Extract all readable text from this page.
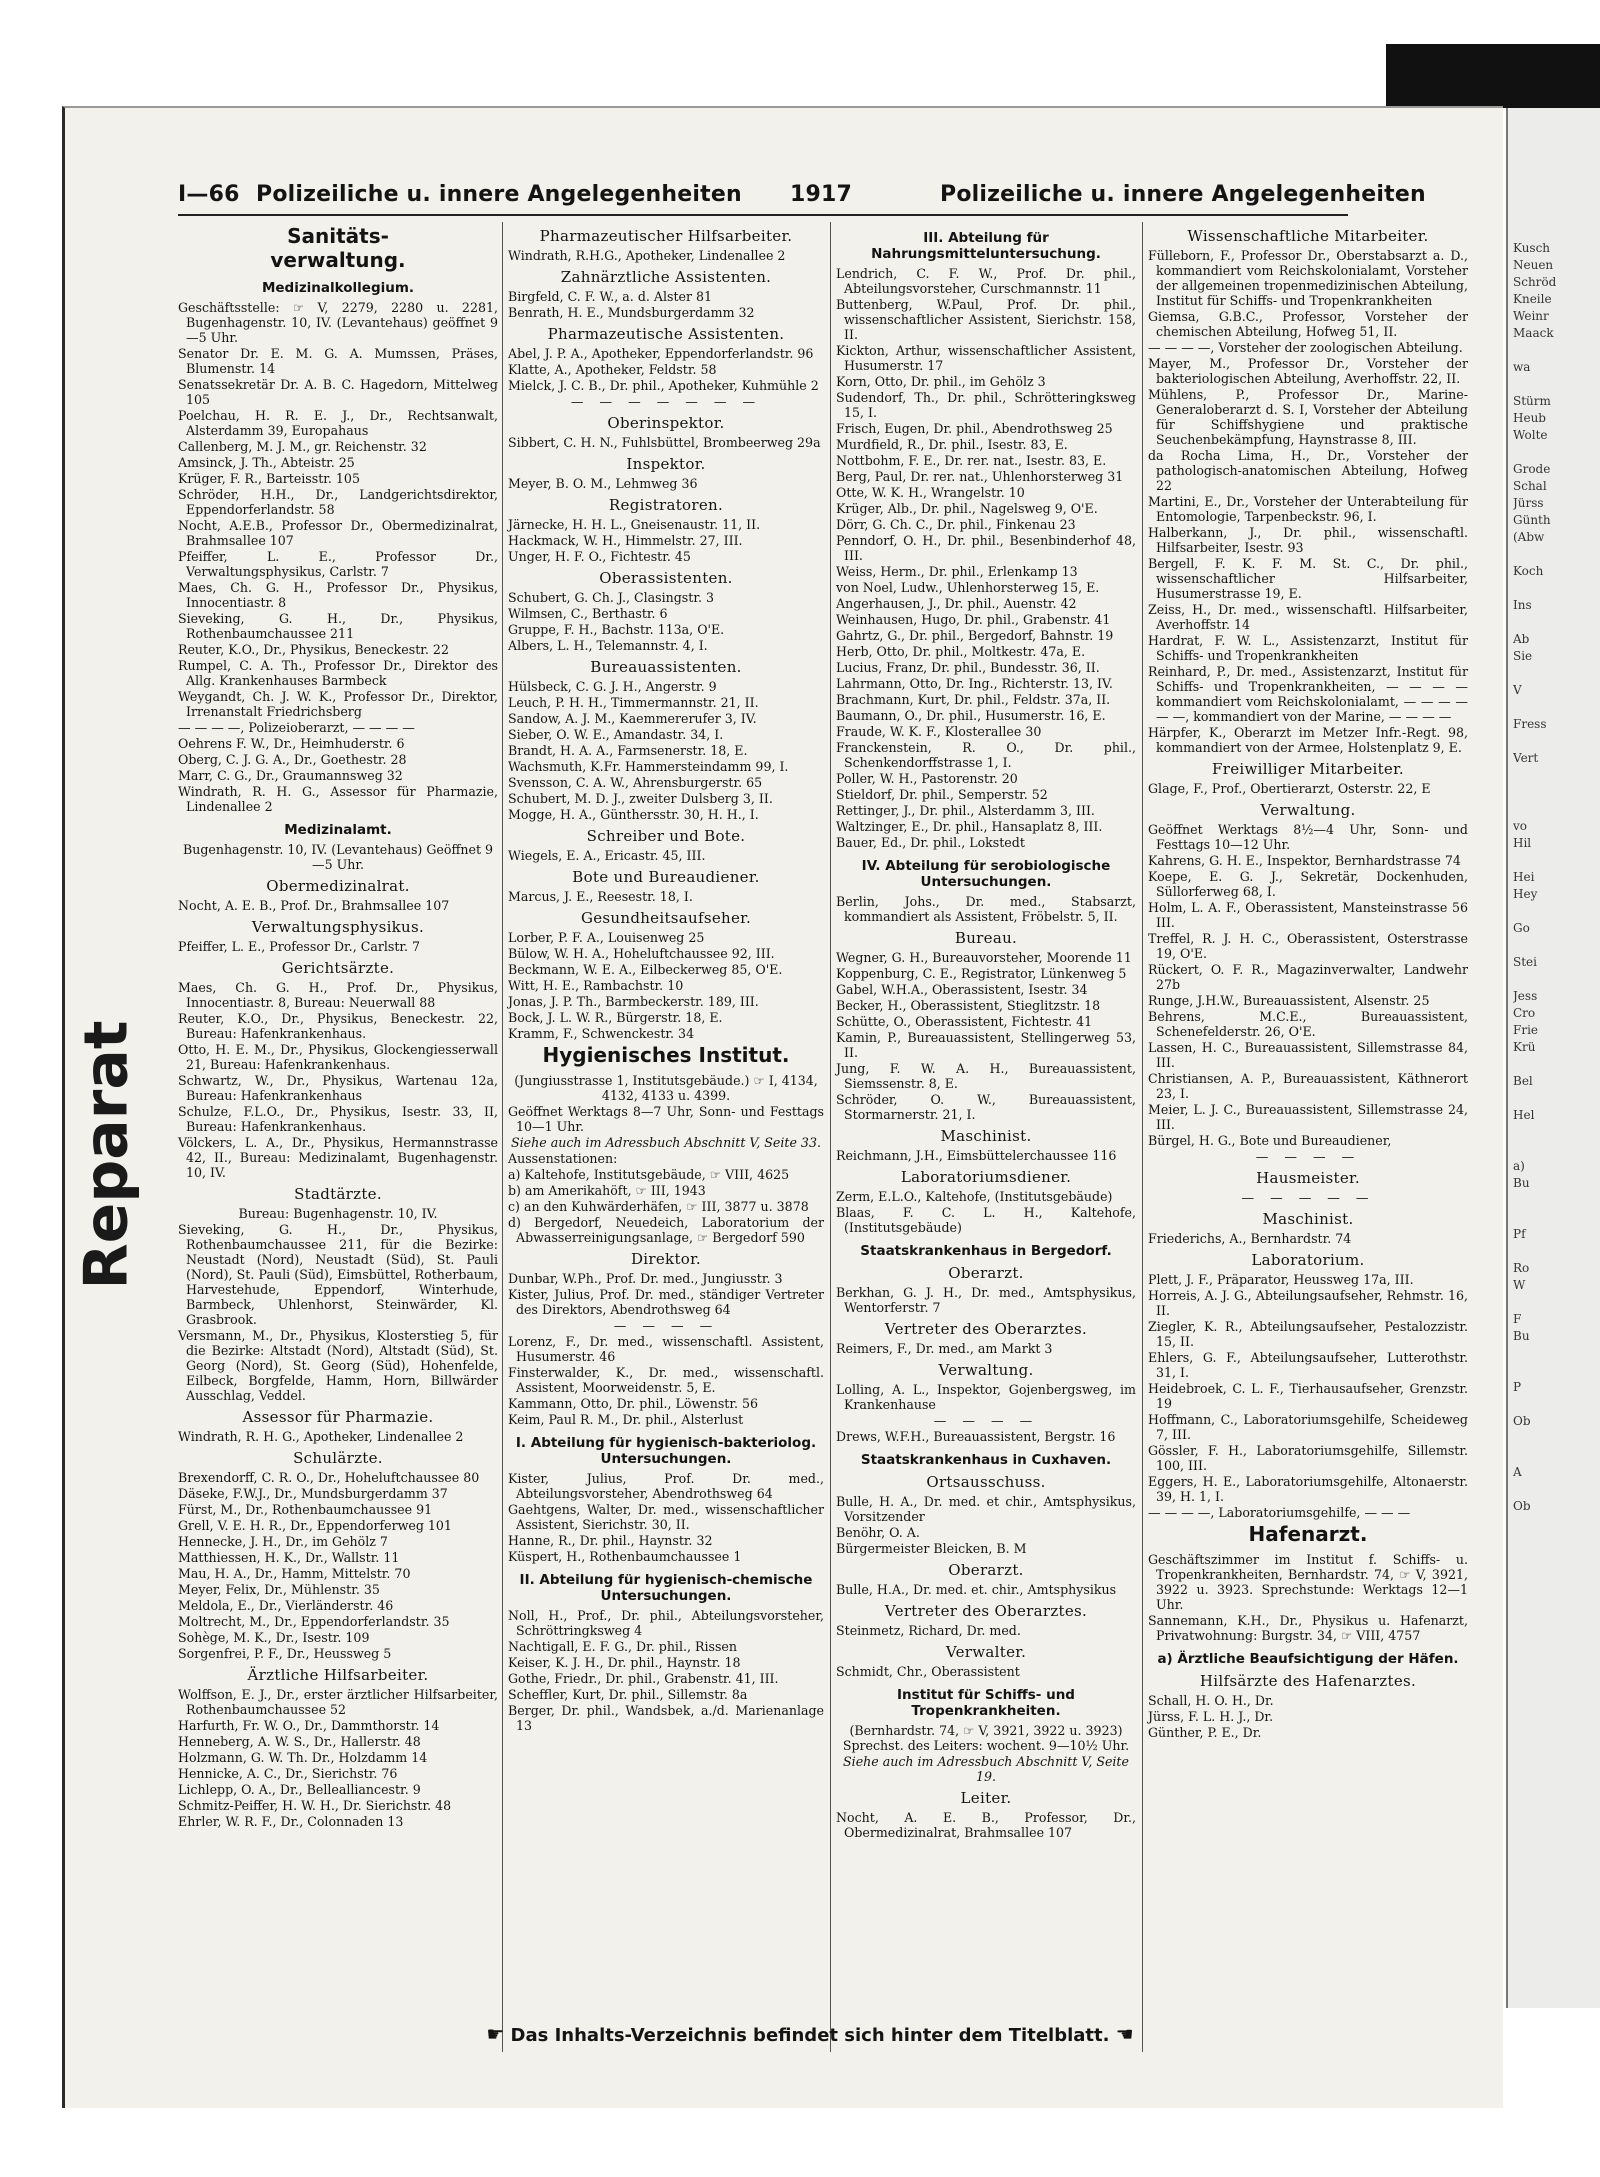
Kusch
Neuen
Schröd
Kneile
Weinr
Maack
wa
Stürm
Heub
Wolte
Grode
Schal
Jürss
Günth
(Abw
Koch
Ins
Ab
Sie
V
Fress
Vert
vo
Hil
Hei
Hey
Go
Stei
Jess
Cro
Frie
Krü
Bel
Hel
a)
Bu
Pf
Ro
W
F
Bu
P
Ob
A
Ob
Reparat
I—66 Polizeiliche u. innere Angelegenheiten 1917	Polizeiliche u. innere Angelegenheiten
Sanitäts-
verwaltung.
Medizinalkollegium.

Geschäftsstelle: ☞ V, 2279, 2280 u. 2281, Bugenhagenstr. 10, IV. (Levantehaus) geöffnet 9—5 Uhr.

Senator Dr. E. M. G. A. Mumssen, Präses, Blumenstr. 14

Senatssekretär Dr. A. B. C. Hagedorn, Mittelweg 105

Poelchau, H. R. E. J., Dr., Rechtsanwalt, Alsterdamm 39, Europahaus

Callenberg, M. J. M., gr. Reichenstr. 32

Amsinck, J. Th., Abteistr. 25

Krüger, F. R., Barteisstr. 105

Schröder, H.H., Dr., Landgerichtsdirektor, Eppendorferlandstr. 58

Nocht, A.E.B., Professor Dr., Obermedizinalrat, Brahmsallee 107

Pfeiffer, L. E., Professor Dr., Verwaltungsphysikus, Carlstr. 7

Maes, Ch. G. H., Professor Dr., Physikus, Innocentiastr. 8

Sieveking, G. H., Dr., Physikus, Rothenbaumchaussee 211

Reuter, K.O., Dr., Physikus, Beneckestr. 22

Rumpel, C. A. Th., Professor Dr., Direktor des Allg. Krankenhauses Barmbeck

Weygandt, Ch. J. W. K., Professor Dr., Direktor, Irrenanstalt Friedrichsberg

— — — —, Polizeioberarzt, — — — —

Oehrens F. W., Dr., Heimhuderstr. 6

Oberg, C. J. G. A., Dr., Goethestr. 28

Marr, C. G., Dr., Graumannsweg 32

Windrath, R. H. G., Assessor für Pharmazie, Lindenallee 2

Medizinalamt.

Bugenhagenstr. 10, IV. (Levantehaus) Geöffnet 9—5 Uhr.

Obermedizinalrat.

Nocht, A. E. B., Prof. Dr., Brahmsallee 107

Verwaltungsphysikus.

Pfeiffer, L. E., Professor Dr., Carlstr. 7

Gerichtsärzte.

Maes, Ch. G. H., Prof. Dr., Physikus, Innocentiastr. 8, Bureau: Neuerwall 88

Reuter, K.O., Dr., Physikus, Beneckestr. 22, Bureau: Hafenkrankenhaus.

Otto, H. E. M., Dr., Physikus, Glockengiesserwall 21, Bureau: Hafenkrankenhaus.

Schwartz, W., Dr., Physikus, Wartenau 12a, Bureau: Hafenkrankenhaus

Schulze, F.L.O., Dr., Physikus, Isestr. 33, II, Bureau: Hafenkrankenhaus.

Völckers, L. A., Dr., Physikus, Hermannstrasse 42, II., Bureau: Medizinalamt, Bugenhagenstr. 10, IV.

Stadtärzte.

Bureau: Bugenhagenstr. 10, IV.

Sieveking, G. H., Dr., Physikus, Rothenbaumchaussee 211, für die Bezirke: Neustadt (Nord), Neustadt (Süd), St. Pauli (Nord), St. Pauli (Süd), Eimsbüttel, Rotherbaum, Harvestehude, Eppendorf, Winterhude, Barmbeck, Uhlenhorst, Steinwärder, Kl. Grasbrook.

Versmann, M., Dr., Physikus, Klosterstieg 5, für die Bezirke: Altstadt (Nord), Altstadt (Süd), St. Georg (Nord), St. Georg (Süd), Hohenfelde, Eilbeck, Borgfelde, Hamm, Horn, Billwärder Ausschlag, Veddel.

Assessor für Pharmazie.

Windrath, R. H. G., Apotheker, Lindenallee 2

Schulärzte.

Brexendorff, C. R. O., Dr., Hoheluftchaussee 80

Däseke, F.W.J., Dr., Mundsburgerdamm 37

Fürst, M., Dr., Rothenbaumchaussee 91

Grell, V. E. H. R., Dr., Eppendorferweg 101

Hennecke, J. H., Dr., im Gehölz 7

Matthiessen, H. K., Dr., Wallstr. 11

Mau, H. A., Dr., Hamm, Mittelstr. 70

Meyer, Felix, Dr., Mühlenstr. 35

Meldola, E., Dr., Vierländerstr. 46

Moltrecht, M., Dr., Eppendorferlandstr. 35

Sohège, M. K., Dr., Isestr. 109

Sorgenfrei, P. F., Dr., Heussweg 5

Ärztliche Hilfsarbeiter.

Wolffson, E. J., Dr., erster ärztlicher Hilfsarbeiter, Rothenbaumchaussee 52

Harfurth, Fr. W. O., Dr., Dammthorstr. 14

Henneberg, A. W. S., Dr., Hallerstr. 48

Holzmann, G. W. Th. Dr., Holzdamm 14

Hennicke, A. C., Dr., Sierichstr. 76

Lichlepp, O. A., Dr., Bellealliancestr. 9

Schmitz-Peiffer, H. W. H., Dr. Sierichstr. 48

Ehrler, W. R. F., Dr., Colonnaden 13

Pharmazeutischer Hilfsarbeiter.

Windrath, R.H.G., Apotheker, Lindenallee 2

Zahnärztliche Assistenten.

Birgfeld, C. F. W., a. d. Alster 81

Benrath, H. E., Mundsburgerdamm 32

Pharmazeutische Assistenten.

Abel, J. P. A., Apotheker, Eppendorferlandstr. 96

Klatte, A., Apotheker, Feldstr. 58

Mielck, J. C. B., Dr. phil., Apotheker, Kuhmühle 2

— — — — — — —

Oberinspektor.

Sibbert, C. H. N., Fuhlsbüttel, Brombeerweg 29a

Inspektor.

Meyer, B. O. M., Lehmweg 36

Registratoren.

Järnecke, H. H. L., Gneisenaustr. 11, II.

Hackmack, W. H., Himmelstr. 27, III.

Unger, H. F. O., Fichtestr. 45

Oberassistenten.

Schubert, G. Ch. J., Clasingstr. 3

Wilmsen, C., Berthastr. 6

Gruppe, F. H., Bachstr. 113a, O'E.

Albers, L. H., Telemannstr. 4, I.

Bureauassistenten.

Hülsbeck, C. G. J. H., Angerstr. 9

Leuch, P. H. H., Timmermannstr. 21, II.

Sandow, A. J. M., Kaemmererufer 3, IV.

Sieber, O. W. E., Amandastr. 34, I.

Brandt, H. A. A., Farmsenerstr. 18, E.

Wachsmuth, K.Fr. Hammersteindamm 99, I.

Svensson, C. A. W., Ahrensburgerstr. 65

Schubert, M. D. J., zweiter Dulsberg 3, II.

Mogge, H. A., Günthersstr. 30, H. H., I.

Schreiber und Bote.

Wiegels, E. A., Ericastr. 45, III.

Bote und Bureaudiener.

Marcus, J. E., Reesestr. 18, I.

Gesundheitsaufseher.

Lorber, P. F. A., Louisenweg 25

Bülow, W. H. A., Hoheluftchaussee 92, III.

Beckmann, W. E. A., Eilbeckerweg 85, O'E.

Witt, H. E., Rambachstr. 10

Jonas, J. P. Th., Barmbeckerstr. 189, III.

Bock, J. L. W. R., Bürgerstr. 18, E.

Kramm, F., Schwenckestr. 34

Hygienisches Institut.

(Jungiusstrasse 1, Institutsgebäude.) ☞ I, 4134, 4132, 4133 u. 4399.

Geöffnet Werktags 8—7 Uhr, Sonn- und Festtags 10—1 Uhr.

Siehe auch im Adressbuch Abschnitt V, Seite 33.

Aussenstationen:

a) Kaltehofe, Institutsgebäude, ☞ VIII, 4625

b) am Amerikahöft, ☞ III, 1943

c) an den Kuhwärderhäfen, ☞ III, 3877 u. 3878

d) Bergedorf, Neuedeich, Laboratorium der Abwasserreinigungsanlage, ☞ Bergedorf 590

Direktor.

Dunbar, W.Ph., Prof. Dr. med., Jungiusstr. 3

Kister, Julius, Prof. Dr. med., ständiger Vertreter des Direktors, Abendrothsweg 64

— — — —

Lorenz, F., Dr. med., wissenschaftl. Assistent, Husumerstr. 46

Finsterwalder, K., Dr. med., wissenschaftl. Assistent, Moorweidenstr. 5, E.

Kammann, Otto, Dr. phil., Löwenstr. 56

Keim, Paul R. M., Dr. phil., Alsterlust

I. Abteilung für hygienisch-bakteriolog. Untersuchungen.

Kister, Julius, Prof. Dr. med., Abteilungsvorsteher, Abendrothsweg 64

Gaehtgens, Walter, Dr. med., wissenschaftlicher Assistent, Sierichstr. 30, II.

Hanne, R., Dr. phil., Haynstr. 32

Küspert, H., Rothenbaumchaussee 1

II. Abteilung für hygienisch-chemische Untersuchungen.

Noll, H., Prof., Dr. phil., Abteilungsvorsteher, Schröttringksweg 4

Nachtigall, E. F. G., Dr. phil., Rissen

Keiser, K. J. H., Dr. phil., Haynstr. 18

Gothe, Friedr., Dr. phil., Grabenstr. 41, III.

Scheffler, Kurt, Dr. phil., Sillemstr. 8a

Berger, Dr. phil., Wandsbek, a./d. Marienanlage 13

III. Abteilung für Nahrungsmitteluntersuchung.

Lendrich, C. F. W., Prof. Dr. phil., Abteilungsvorsteher, Curschmannstr. 11

Buttenberg, W.Paul, Prof. Dr. phil., wissenschaftlicher Assistent, Sierichstr. 158, II.

Kickton, Arthur, wissenschaftlicher Assistent, Husumerstr. 17

Korn, Otto, Dr. phil., im Gehölz 3

Sudendorf, Th., Dr. phil., Schrötteringksweg 15, I.

Frisch, Eugen, Dr. phil., Abendrothsweg 25

Murdfield, R., Dr. phil., Isestr. 83, E.

Nottbohm, F. E., Dr. rer. nat., Isestr. 83, E.

Berg, Paul, Dr. rer. nat., Uhlenhorsterweg 31

Otte, W. K. H., Wrangelstr. 10

Krüger, Alb., Dr. phil., Nagelsweg 9, O'E.

Dörr, G. Ch. C., Dr. phil., Finkenau 23

Penndorf, O. H., Dr. phil., Besenbinderhof 48, III.

Weiss, Herm., Dr. phil., Erlenkamp 13

von Noel, Ludw., Uhlenhorsterweg 15, E.

Angerhausen, J., Dr. phil., Auenstr. 42

Weinhausen, Hugo, Dr. phil., Grabenstr. 41

Gahrtz, G., Dr. phil., Bergedorf, Bahnstr. 19

Herb, Otto, Dr. phil., Moltkestr. 47a, E.

Lucius, Franz, Dr. phil., Bundesstr. 36, II.

Lahrmann, Otto, Dr. Ing., Richterstr. 13, IV.

Brachmann, Kurt, Dr. phil., Feldstr. 37a, II.

Baumann, O., Dr. phil., Husumerstr. 16, E.

Fraude, W. K. F., Klosterallee 30

Franckenstein, R. O., Dr. phil., Schenkendorffstrasse 1, I.

Poller, W. H., Pastorenstr. 20

Stieldorf, Dr. phil., Semperstr. 52

Rettinger, J., Dr. phil., Alsterdamm 3, III.

Waltzinger, E., Dr. phil., Hansaplatz 8, III.

Bauer, Ed., Dr. phil., Lokstedt

IV. Abteilung für serobiologische Untersuchungen.

Berlin, Johs., Dr. med., Stabsarzt, kommandiert als Assistent, Fröbelstr. 5, II.

Bureau.

Wegner, G. H., Bureauvorsteher, Moorende 11

Koppenburg, C. E., Registrator, Lünkenweg 5

Gabel, W.H.A., Oberassistent, Isestr. 34

Becker, H., Oberassistent, Stieglitzstr. 18

Schütte, O., Oberassistent, Fichtestr. 41

Kamin, P., Bureauassistent, Stellingerweg 53, II.

Jung, F. W. A. H., Bureauassistent, Siemssenstr. 8, E.

Schröder, O. W., Bureauassistent, Stormarnerstr. 21, I.

Maschinist.

Reichmann, J.H., Eimsbüttelerchaussee 116

Laboratoriumsdiener.

Zerm, E.L.O., Kaltehofe, (Institutsgebäude)

Blaas, F. C. L. H., Kaltehofe, (Institutsgebäude)

Staatskrankenhaus in Bergedorf.
Oberarzt.

Berkhan, G. J. H., Dr. med., Amtsphysikus, Wentorferstr. 7

Vertreter des Oberarztes.

Reimers, F., Dr. med., am Markt 3

Verwaltung.

Lolling, A. L., Inspektor, Gojenbergsweg, im Krankenhause

— — — —

Drews, W.F.H., Bureauassistent, Bergstr. 16

Staatskrankenhaus in Cuxhaven.
Ortsausschuss.

Bulle, H. A., Dr. med. et chir., Amtsphysikus, Vorsitzender

Benöhr, O. A.

Bürgermeister Bleicken, B. M

Oberarzt.

Bulle, H.A., Dr. med. et. chir., Amtsphysikus

Vertreter des Oberarztes.

Steinmetz, Richard, Dr. med.

Verwalter.

Schmidt, Chr., Oberassistent

Institut für Schiffs- und Tropenkrankheiten.

(Bernhardstr. 74, ☞ V, 3921, 3922 u. 3923) Sprechst. des Leiters: wochent. 9—10½ Uhr.

Siehe auch im Adressbuch Abschnitt V, Seite 19.

Leiter.

Nocht, A. E. B., Professor, Dr., Obermedizinalrat, Brahmsallee 107

Wissenschaftliche Mitarbeiter.

Fülleborn, F., Professor Dr., Oberstabsarzt a. D., kommandiert vom Reichskolonialamt, Vorsteher der allgemeinen tropenmedizinischen Abteilung, Institut für Schiffs- und Tropenkrankheiten

Giemsa, G.B.C., Professor, Vorsteher der chemischen Abteilung, Hofweg 51, II.

— — — —, Vorsteher der zoologischen Abteilung.

Mayer, M., Professor Dr., Vorsteher der bakteriologischen Abteilung, Averhoffstr. 22, II.

Mühlens, P., Professor Dr., Marine-Generaloberarzt d. S. I, Vorsteher der Abteilung für Schiffshygiene und praktische Seuchenbekämpfung, Haynstrasse 8, III.

da Rocha Lima, H., Dr., Vorsteher der pathologisch-anatomischen Abteilung, Hofweg 22

Martini, E., Dr., Vorsteher der Unterabteilung für Entomologie, Tarpenbeckstr. 96, I.

Halberkann, J., Dr. phil., wissenschaftl. Hilfsarbeiter, Isestr. 93

Bergell, F. K. F. M. St. C., Dr. phil., wissenschaftlicher Hilfsarbeiter, Husumerstrasse 19, E.

Zeiss, H., Dr. med., wissenschaftl. Hilfsarbeiter, Averhoffstr. 14

Hardrat, F. W. L., Assistenzarzt, Institut für Schiffs- und Tropenkrankheiten

Reinhard, P., Dr. med., Assistenzarzt, Institut für Schiffs- und Tropenkrankheiten, — — — — kommandiert vom Reichskolonialamt, — — — — — —, kommandiert von der Marine, — — — —

Härpfer, K., Oberarzt im Metzer Infr.-Regt. 98, kommandiert von der Armee, Holstenplatz 9, E.

Freiwilliger Mitarbeiter.

Glage, F., Prof., Obertierarzt, Osterstr. 22, E

Verwaltung.

Geöffnet Werktags 8½—4 Uhr, Sonn- und Festtags 10—12 Uhr.

Kahrens, G. H. E., Inspektor, Bernhardstrasse 74

Koepe, E. G. J., Sekretär, Dockenhuden, Süllorferweg 68, I.

Holm, L. A. F., Oberassistent, Mansteinstrasse 56 III.

Treffel, R. J. H. C., Oberassistent, Osterstrasse 19, O'E.

Rückert, O. F. R., Magazinverwalter, Landwehr 27b

Runge, J.H.W., Bureauassistent, Alsenstr. 25

Behrens, M.C.E., Bureauassistent, Schenefelderstr. 26, O'E.

Lassen, H. C., Bureauassistent, Sillemstrasse 84, III.

Christiansen, A. P., Bureauassistent, Käthnerort 23, I.

Meier, L. J. C., Bureauassistent, Sillemstrasse 24, III.

Bürgel, H. G., Bote und Bureaudiener,

— — — —

Hausmeister.

— — — — —

Maschinist.

Friederichs, A., Bernhardstr. 74

Laboratorium.

Plett, J. F., Präparator, Heussweg 17a, III.

Horreis, A. J. G., Abteilungsaufseher, Rehmstr. 16, II.

Ziegler, K. R., Abteilungsaufseher, Pestalozzistr. 15, II.

Ehlers, G. F., Abteilungsaufseher, Lutterothstr. 31, I.

Heidebroek, C. L. F., Tierhausaufseher, Grenzstr. 19

Hoffmann, C., Laboratoriumsgehilfe, Scheideweg 7, III.

Gössler, F. H., Laboratoriumsgehilfe, Sillemstr. 100, III.

Eggers, H. E., Laboratoriumsgehilfe, Altonaerstr. 39, H. 1, I.

— — — —, Laboratoriumsgehilfe, — — —

Hafenarzt.

Geschäftszimmer im Institut f. Schiffs- u. Tropenkrankheiten, Bernhardstr. 74, ☞ V, 3921, 3922 u. 3923. Sprechstunde: Werktags 12—1 Uhr.

Sannemann, K.H., Dr., Physikus u. Hafenarzt, Privatwohnung: Burgstr. 34, ☞ VIII, 4757

a) Ärztliche Beaufsichtigung der Häfen.
Hilfsärzte des Hafenarztes.

Schall, H. O. H., Dr.

Jürss, F. L. H. J., Dr.

Günther, P. E., Dr.

☛ Das Inhalts-Verzeichnis befindet sich hinter dem Titelblatt. ☚
